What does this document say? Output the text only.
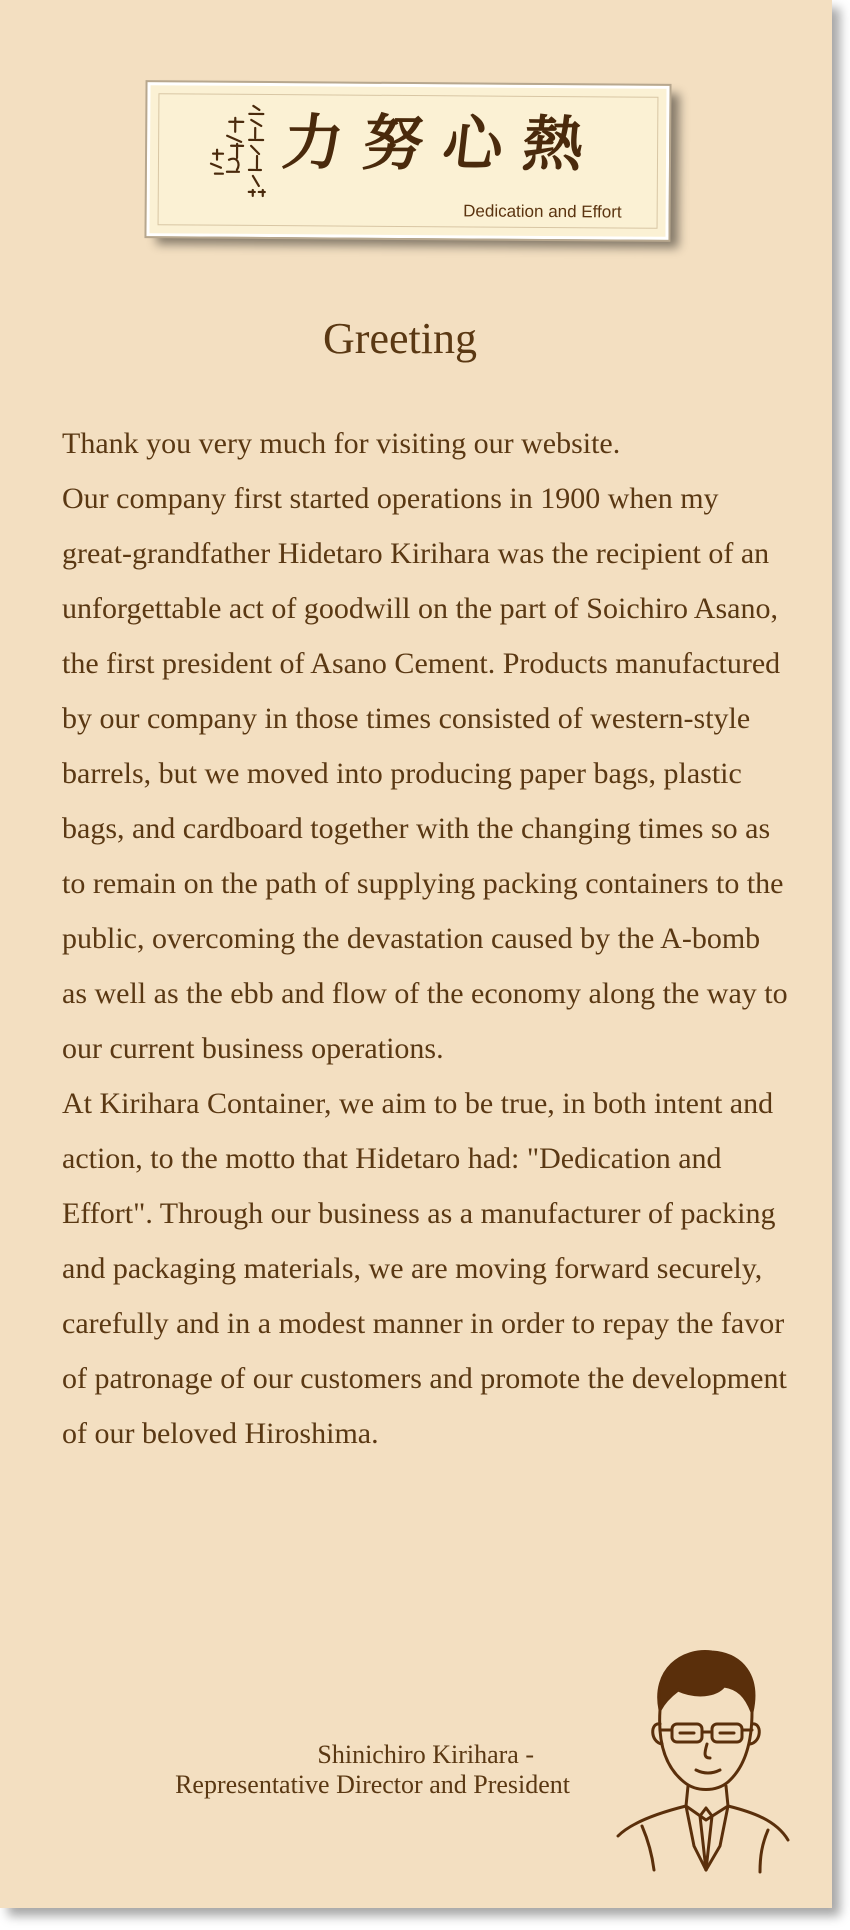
力努心熱
Dedication and Effort
Greeting

Thank you very much for visiting our website.

Our company first started operations in 1900 when my great-grandfather Hidetaro Kirihara was the recipient of an unforgettable act of goodwill on the part of Soichiro Asano, the first president of Asano Cement. Products manufactured by our company in those times consisted of western-style barrels, but we moved into producing paper bags, plastic bags, and cardboard together with the changing times so as to remain on the path of supplying packing containers to the public, overcoming the devastation caused by the A-bomb as well as the ebb and flow of the economy along the way to our current business operations.

At Kirihara Container, we aim to be true, in both intent and action, to the motto that Hidetaro had: "Dedication and Effort". Through our business as a manufacturer of packing and packaging materials, we are moving forward securely, carefully and in a modest manner in order to repay the favor of patronage of our customers and promote the development of our beloved Hiroshima.

Shinichiro Kirihara -
Representative Director and President
